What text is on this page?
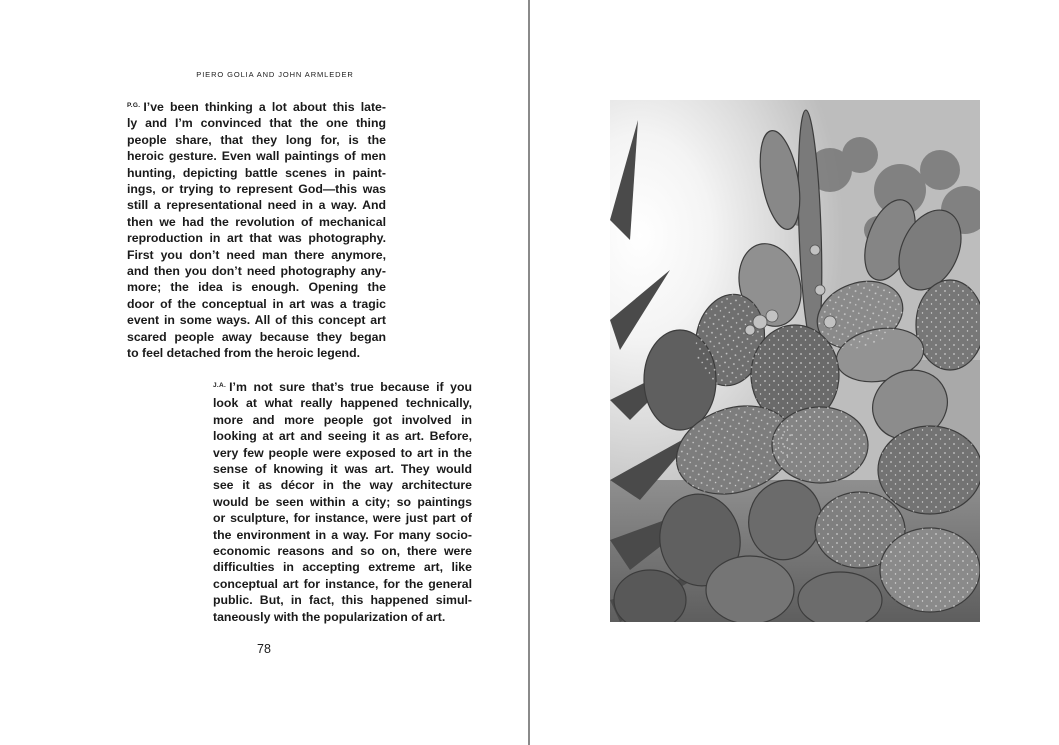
PIERO GOLIA AND JOHN ARMLEDER
$^{P.G.}$ I’ve been thinking a lot about this late-
ly and I’m convinced that the one thing
people share, that they long for, is the
heroic gesture. Even wall paintings of men
hunting, depicting battle scenes in paint-
ings, or trying to represent God—this was
still a representational need in a way. And
then we had the revolution of mechanical
reproduction in art that was photography.
First you don’t need man there anymore,
and then you don’t need photography any-
more; the idea is enough. Opening the
door of the conceptual in art was a tragic
event in some ways. All of this concept art
scared people away because they began
to feel detached from the heroic legend.
$^{J.A.}$ I’m not sure that’s true because if you
look at what really happened technically,
more and more people got involved in
looking at art and seeing it as art. Before,
very few people were exposed to art in the
sense of knowing it was art. They would
see it as décor in the way architecture
would be seen within a city; so paintings
or sculpture, for instance, were just part of
the environment in a way. For many socio-
economic reasons and so on, there were
difficulties in accepting extreme art, like
conceptual art for instance, for the general
public. But, in fact, this happened simul-
taneously with the popularization of art.
78
